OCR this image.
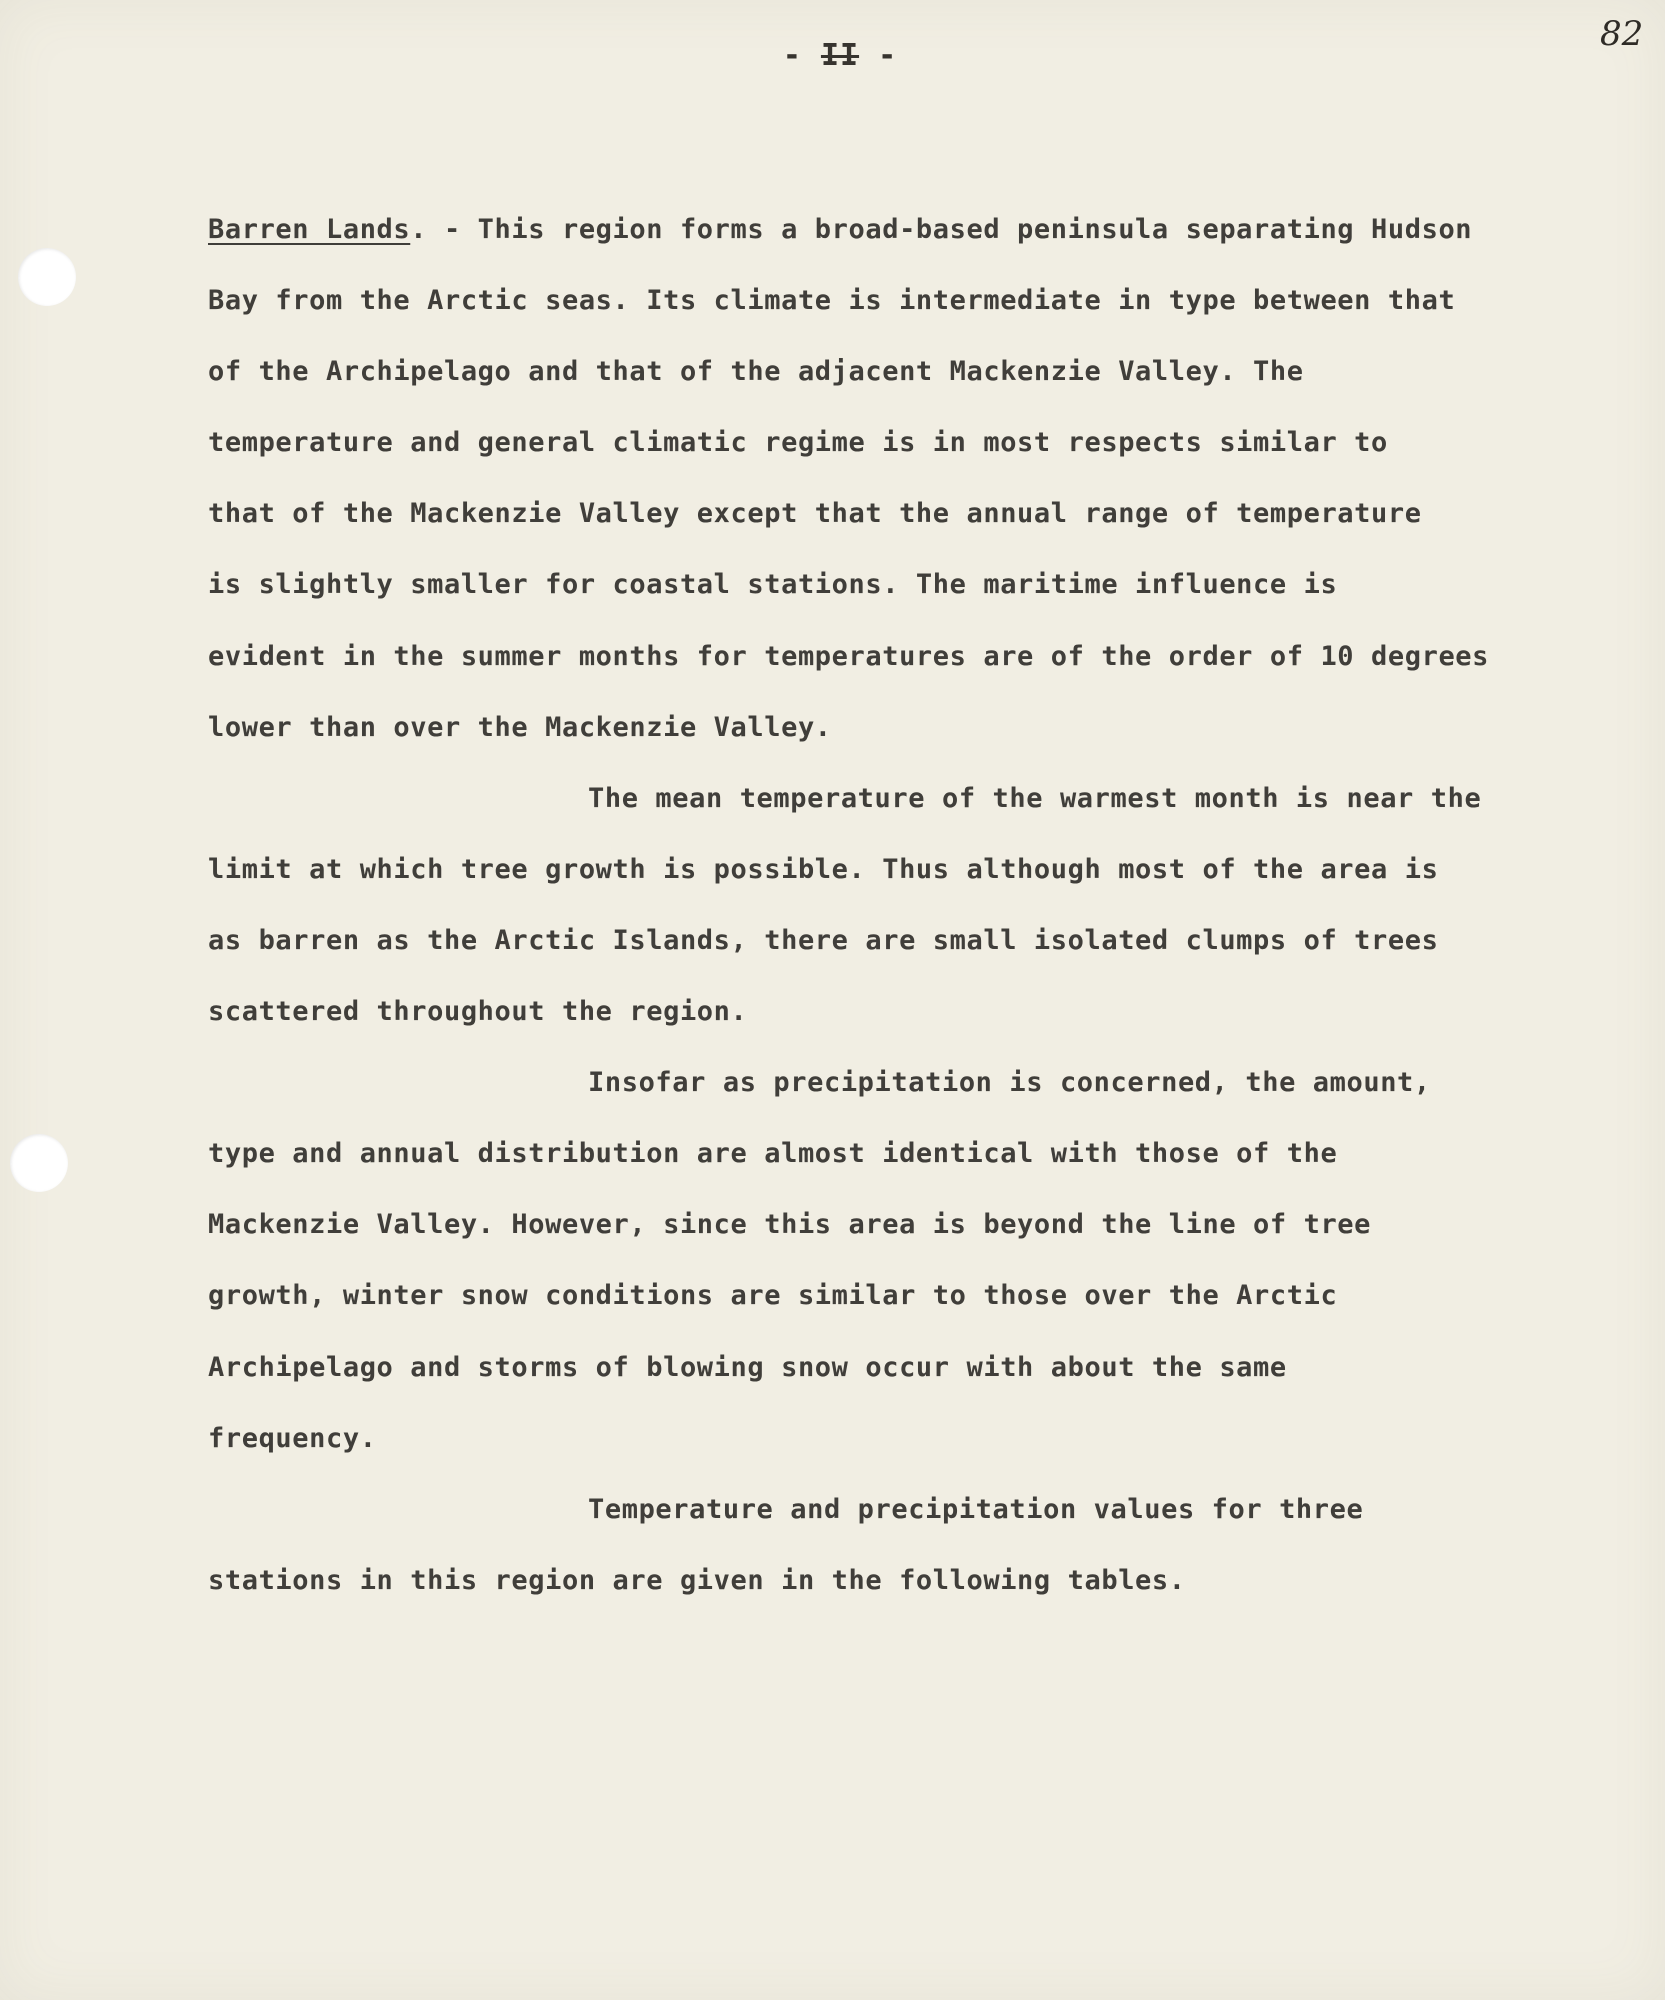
- II -
82
Barren Lands. - This region forms a broad-based peninsula separating Hudson
Bay from the Arctic seas. Its climate is intermediate in type between that
of the Archipelago and that of the adjacent Mackenzie Valley. The
temperature and general climatic regime is in most respects similar to
that of the Mackenzie Valley except that the annual range of temperature
is slightly smaller for coastal stations. The maritime influence is
evident in the summer months for temperatures are of the order of 10 degrees
lower than over the Mackenzie Valley.
The mean temperature of the warmest month is near the
limit at which tree growth is possible. Thus although most of the area is
as barren as the Arctic Islands, there are small isolated clumps of trees
scattered throughout the region.
Insofar as precipitation is concerned, the amount,
type and annual distribution are almost identical with those of the
Mackenzie Valley. However, since this area is beyond the line of tree
growth, winter snow conditions are similar to those over the Arctic
Archipelago and storms of blowing snow occur with about the same
frequency.
Temperature and precipitation values for three
stations in this region are given in the following tables.
